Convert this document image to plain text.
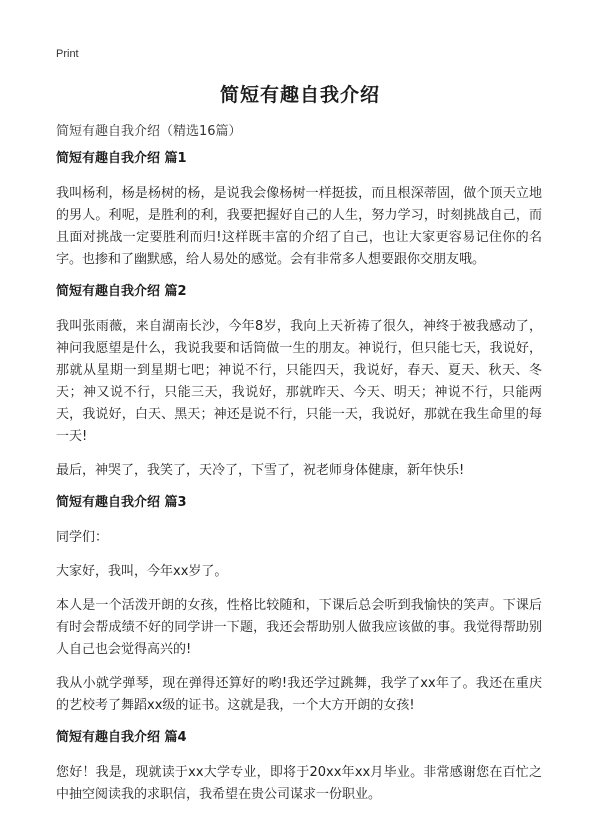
Print
简短有趣自我介绍
简短有趣自我介绍（精选16篇）
简短有趣自我介绍 篇1

我叫杨利，杨是杨树的杨，是说我会像杨树一样挺拔，而且根深蒂固，做个顶天立地的男人。利呢，是胜利的利，我要把握好自己的人生，努力学习，时刻挑战自己，而且面对挑战一定要胜利而归!这样既丰富的介绍了自己，也让大家更容易记住你的名字。也掺和了幽默感，给人易处的感觉。会有非常多人想要跟你交朋友哦。

简短有趣自我介绍 篇2

我叫张雨薇，来自湖南长沙，今年8岁，我向上天祈祷了很久，神终于被我感动了，神问我愿望是什么，我说我要和话筒做一生的朋友。神说行，但只能七天，我说好，那就从星期一到星期七吧；神说不行，只能四天，我说好，春天、夏天、秋天、冬天；神又说不行，只能三天，我说好，那就昨天、今天、明天；神说不行，只能两天，我说好，白天、黑天；神还是说不行，只能一天，我说好，那就在我生命里的每一天!

最后，神哭了，我笑了，天冷了，下雪了，祝老师身体健康，新年快乐!

简短有趣自我介绍 篇3

同学们：

大家好，我叫，今年xx岁了。

本人是一个活泼开朗的女孩，性格比较随和，下课后总会听到我愉快的笑声。下课后有时会帮成绩不好的同学讲一下题，我还会帮助别人做我应该做的事。我觉得帮助别人自己也会觉得高兴的!

我从小就学弹琴，现在弹得还算好的哟!我还学过跳舞，我学了xx年了。我还在重庆的艺校考了舞蹈xx级的证书。这就是我，一个大方开朗的女孩!

简短有趣自我介绍 篇4

您好！我是，现就读于xx大学专业，即将于20xx年xx月毕业。非常感谢您在百忙之中抽空阅读我的求职信，我希望在贵公司谋求一份职业。
